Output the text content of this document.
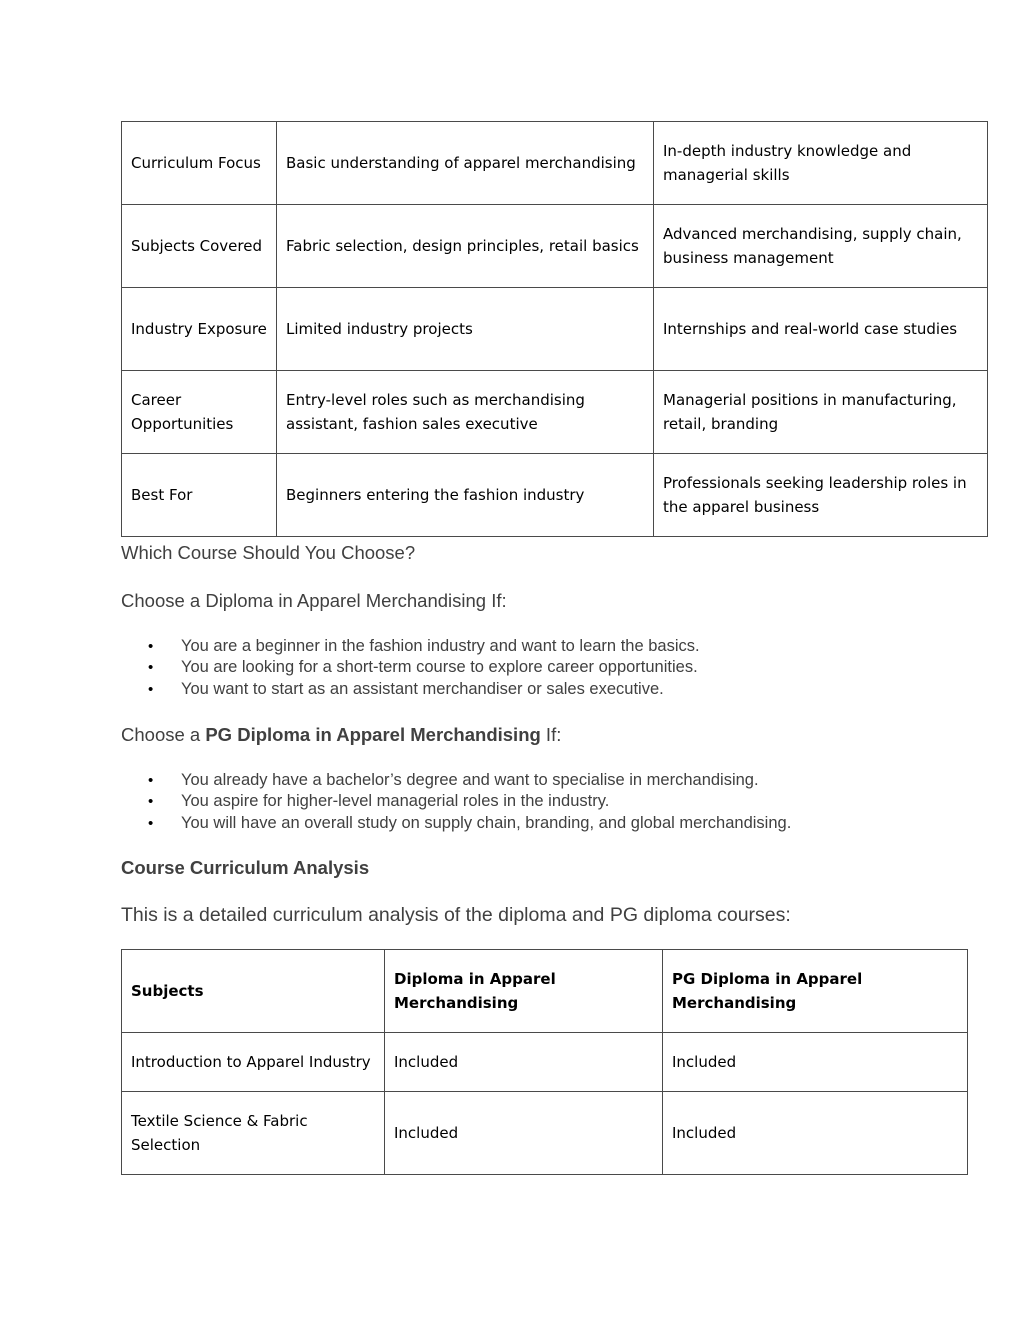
Curriculum Focus	Basic understanding of apparel merchandising	In-depth industry knowledge and managerial skills
Subjects Covered	Fabric selection, design principles, retail basics	Advanced merchandising, supply chain, business management
Industry Exposure	Limited industry projects	Internships and real-world case studies
Career Opportunities	Entry-level roles such as merchandising assistant, fashion sales executive	Managerial positions in manufacturing, retail, branding
Best For	Beginners entering the fashion industry	Professionals seeking leadership roles in the apparel business

Which Course Should You Choose?

Choose a Diploma in Apparel Merchandising If:

• You are a beginner in the fashion industry and want to learn the basics.
• You are looking for a short-term course to explore career opportunities.
• You want to start as an assistant merchandiser or sales executive.

Choose a PG Diploma in Apparel Merchandising If:

• You already have a bachelor’s degree and want to specialise in merchandising.
• You aspire for higher-level managerial roles in the industry.
• You will have an overall study on supply chain, branding, and global merchandising.

Course Curriculum Analysis

This is a detailed curriculum analysis of the diploma and PG diploma courses:

Subjects	Diploma in Apparel Merchandising	PG Diploma in Apparel Merchandising
Introduction to Apparel Industry	Included	Included
Textile Science & Fabric Selection	Included	Included
